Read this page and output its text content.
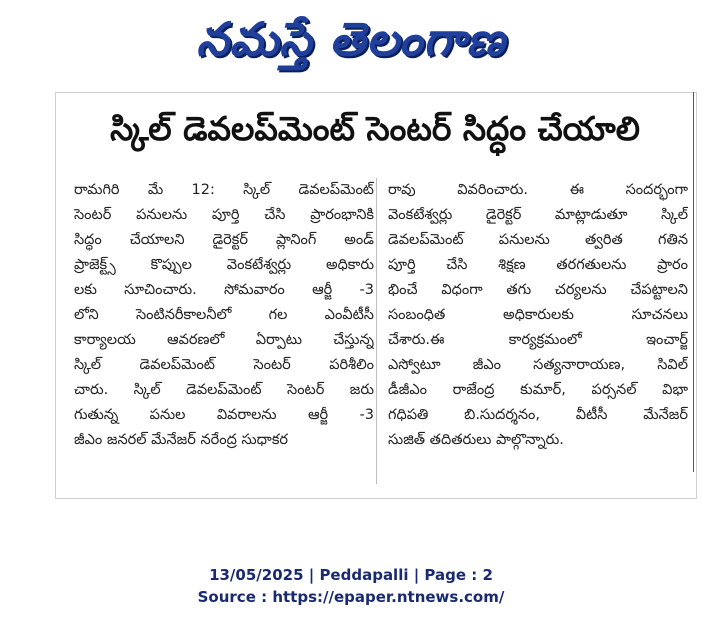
నమస్తే తెలంగాణ
స్కిల్ డెవలప్‌మెంట్ సెంటర్ సిద్ధం చేయాలి
రామగిరి మే 12: స్కిల్ డెవలప్‌మెంట్
సెంటర్ పనులను పూర్తి చేసి ప్రారంభానికి
సిద్ధం చేయాలని డైరెక్టర్ ప్లానింగ్ అండ్
ప్రాజెక్ట్స్ కొప్పుల వెంకటేశ్వర్లు అధికారు
లకు సూచించారు. సోమవారం ఆర్జీ -3
లోని సెంటినరీకాలనీలో గల ఎంవీటీసీ
కార్యాలయ ఆవరణలో ఏర్పాటు చేస్తున్న
స్కిల్ డెవలప్‌మెంట్ సెంటర్ పరిశీలిం
చారు. స్కిల్ డెవలప్‌మెంట్ సెంటర్ జరు
గుతున్న పనుల వివరాలను ఆర్జీ -3
జీఎం జనరల్ మేనేజర్ నరేంద్ర సుధాకర
రావు వివరించారు. ఈ సందర్భంగా
వెంకటేశ్వర్లు డైరెక్టర్ మాట్లాడుతూ స్కిల్
డెవలప్‌మెంట్ పనులను త్వరిత గతిన
పూర్తి చేసి శిక్షణ తరగతులను ప్రారం
భించే విధంగా తగు చర్యలను చేపట్టాలని
సంబంధిత అధికారులకు సూచనలు
చేశారు.ఈ కార్యక్రమంలో ఇంచార్జ్
ఎస్వోటూ జీఎం సత్యనారాయణ, సివిల్
డీజీఎం రాజేంద్ర కుమార్, పర్సనల్ విభా
గధిపతి బి.సుదర్శనం, వీటీసీ మేనేజర్
సుజిత్ తదితరులు పాల్గొన్నారు.
13/05/2025 | Peddapalli | Page : 2
Source : https://epaper.ntnews.com/
